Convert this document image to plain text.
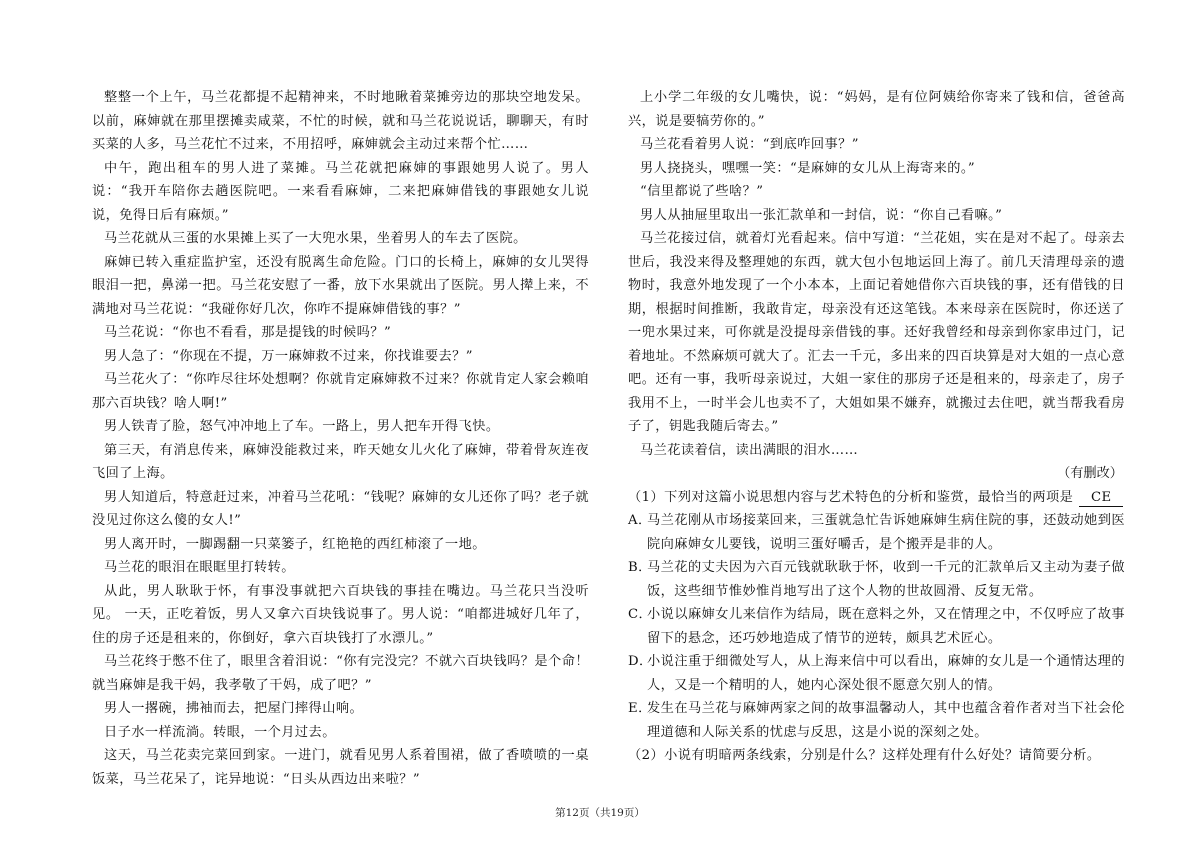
整整一个上午，马兰花都提不起精神来，不时地瞅着菜摊旁边的那块空地发呆。以前，麻婶就在那里摆摊卖咸菜，不忙的时候，就和马兰花说说话，聊聊天，有时买菜的人多，马兰花忙不过来，不用招呼，麻婶就会主动过来帮个忙……

中午，跑出租车的男人进了菜摊。马兰花就把麻婶的事跟她男人说了。男人说：“我开车陪你去趟医院吧。一来看看麻婶，二来把麻婶借钱的事跟她女儿说说，免得日后有麻烦。”

马兰花就从三蛋的水果摊上买了一大兜水果，坐着男人的车去了医院。

麻婶已转入重症监护室，还没有脱离生命危险。门口的长椅上，麻婶的女儿哭得眼泪一把，鼻涕一把。马兰花安慰了一番，放下水果就出了医院。男人撵上来，不满地对马兰花说：“我碰你好几次，你咋不提麻婶借钱的事？”

马兰花说：“你也不看看，那是提钱的时候吗？”

男人急了：“你现在不提，万一麻婶救不过来，你找谁要去？”

马兰花火了：“你咋尽往坏处想啊？你就肯定麻婶救不过来？你就肯定人家会赖咱那六百块钱？啥人啊!”

男人铁青了脸，怒气冲冲地上了车。一路上，男人把车开得飞快。

第三天，有消息传来，麻婶没能救过来，昨天她女儿火化了麻婶，带着骨灰连夜飞回了上海。

男人知道后，特意赶过来，冲着马兰花吼：“钱呢？麻婶的女儿还你了吗？老子就没见过你这么傻的女人!”

男人离开时，一脚踢翻一只菜篓子，红艳艳的西红柿滚了一地。

马兰花的眼泪在眼眶里打转转。

从此，男人耿耿于怀，有事没事就把六百块钱的事挂在嘴边。马兰花只当没听见。 一天，正吃着饭，男人又拿六百块钱说事了。男人说：“咱都进城好几年了，住的房子还是租来的，你倒好，拿六百块钱打了水漂儿。”

马兰花终于憋不住了，眼里含着泪说：“你有完没完？不就六百块钱吗？是个命！就当麻婶是我干妈，我孝敬了干妈，成了吧？”

男人一撂碗，拂袖而去，把屋门摔得山响。

日子水一样流淌。转眼，一个月过去。

这天，马兰花卖完菜回到家。一进门，就看见男人系着围裙，做了香喷喷的一桌饭菜，马兰花呆了，诧异地说：“日头从西边出来啦？”

上小学二年级的女儿嘴快，说：“妈妈，是有位阿姨给你寄来了钱和信，爸爸高兴，说是要犒劳你的。”

马兰花看着男人说：“到底咋回事？”

男人挠挠头，嘿嘿一笑：“是麻婶的女儿从上海寄来的。”

“信里都说了些啥？”

男人从抽屉里取出一张汇款单和一封信，说：“你自己看嘛。”

马兰花接过信，就着灯光看起来。信中写道：“兰花姐，实在是对不起了。母亲去世后，我没来得及整理她的东西，就大包小包地运回上海了。前几天清理母亲的遗物时，我意外地发现了一个小本本，上面记着她借你六百块钱的事，还有借钱的日期，根据时间推断，我敢肯定，母亲没有还这笔钱。本来母亲在医院时，你还送了一兜水果过来，可你就是没提母亲借钱的事。还好我曾经和母亲到你家串过门，记着地址。不然麻烦可就大了。汇去一千元，多出来的四百块算是对大姐的一点心意吧。还有一事，我听母亲说过，大姐一家住的那房子还是租来的，母亲走了，房子我用不上，一时半会儿也卖不了，大姐如果不嫌弃，就搬过去住吧，就当帮我看房子了，钥匙我随后寄去。”

马兰花读着信，读出满眼的泪水……

（有删改）

（1）下列对这篇小说思想内容与艺术特色的分析和鉴赏，最恰当的两项是 CE

A．
马兰花刚从市场接菜回来，三蛋就急忙告诉她麻婶生病住院的事，还鼓动她到医院向麻婶女儿要钱，说明三蛋好嚼舌，是个搬弄是非的人。

B．
马兰花的丈夫因为六百元钱就耿耿于怀，收到一千元的汇款单后又主动为妻子做饭，这些细节惟妙惟肖地写出了这个人物的世故圆滑、反复无常。

C．
小说以麻婶女儿来信作为结局，既在意料之外，又在情理之中，不仅呼应了故事留下的悬念，还巧妙地造成了情节的逆转，颇具艺术匠心。

D．
小说注重于细微处写人，从上海来信中可以看出，麻婶的女儿是一个通情达理的人，又是一个精明的人，她内心深处很不愿意欠别人的情。

E．
发生在马兰花与麻婶两家之间的故事温馨动人，其中也蕴含着作者对当下社会伦理道德和人际关系的忧虑与反思，这是小说的深刻之处。

（2）小说有明暗两条线索，分别是什么？这样处理有什么好处？请简要分析。

第12页（共19页）
